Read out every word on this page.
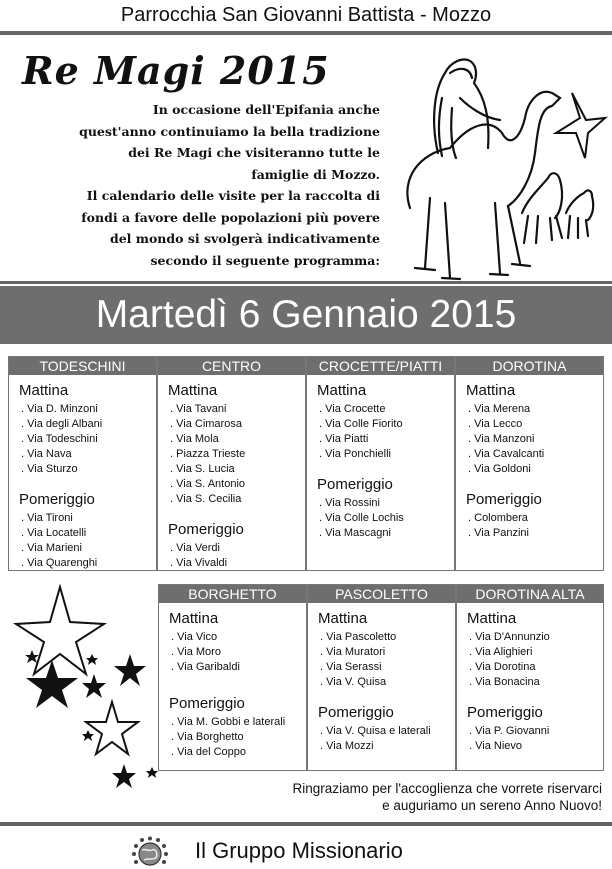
Parrocchia San Giovanni Battista - Mozzo
Re Magi 2015

In occasione dell'Epifania anche

quest'anno continuiamo la bella tradizione

dei Re Magi che visiteranno tutte le

famiglie di Mozzo.

Il calendario delle visite per la raccolta di

fondi a favore delle popolazioni più povere

del mondo si svolgerà indicativamente

secondo il seguente programma:

Martedì 6 Gennaio 2015
TODESCHINI
Mattina
. Via D. Minzoni
. Via degli Albani
. Via Todeschini
. Via Nava
. Via Sturzo
Pomeriggio
. Via Tironi
. Via Locatelli
. Via Marieni
. Via Quarenghi
CENTRO
Mattina
. Via Tavani
. Via Cimarosa
. Via Mola
. Piazza Trieste
. Via S. Lucia
. Via S. Antonio
. Via S. Cecilia
Pomeriggio
. Via Verdi
. Via Vivaldi
CROCETTE/PIATTI
Mattina
. Via Crocette
. Via Colle Fiorito
. Via Piatti
. Via Ponchielli
Pomeriggio
. Via Rossini
. Via Colle Lochis
. Via Mascagni
DOROTINA
Mattina
. Via Merena
. Via Lecco
. Via Manzoni
. Via Cavalcanti
. Via Goldoni
Pomeriggio
. Colombera
. Via Panzini
BORGHETTO
Mattina
. Via Vico
. Via Moro
. Via Garibaldi
Pomeriggio
. Via M. Gobbi e laterali
. Via Borghetto
. Via del Coppo
PASCOLETTO
Mattina
. Via Pascoletto
. Via Muratori
. Via Serassi
. Via V. Quisa
Pomeriggio
. Via V. Quisa e laterali
. Via Mozzi
DOROTINA ALTA
Mattina
. Via D'Annunzio
. Via Alighieri
. Via Dorotina
. Via Bonacina
Pomeriggio
. Via P. Giovanni
. Via Nievo
Ringraziamo per l'accoglienza che vorrete riservarci
e auguriamo un sereno Anno Nuovo!
Il Gruppo Missionario
